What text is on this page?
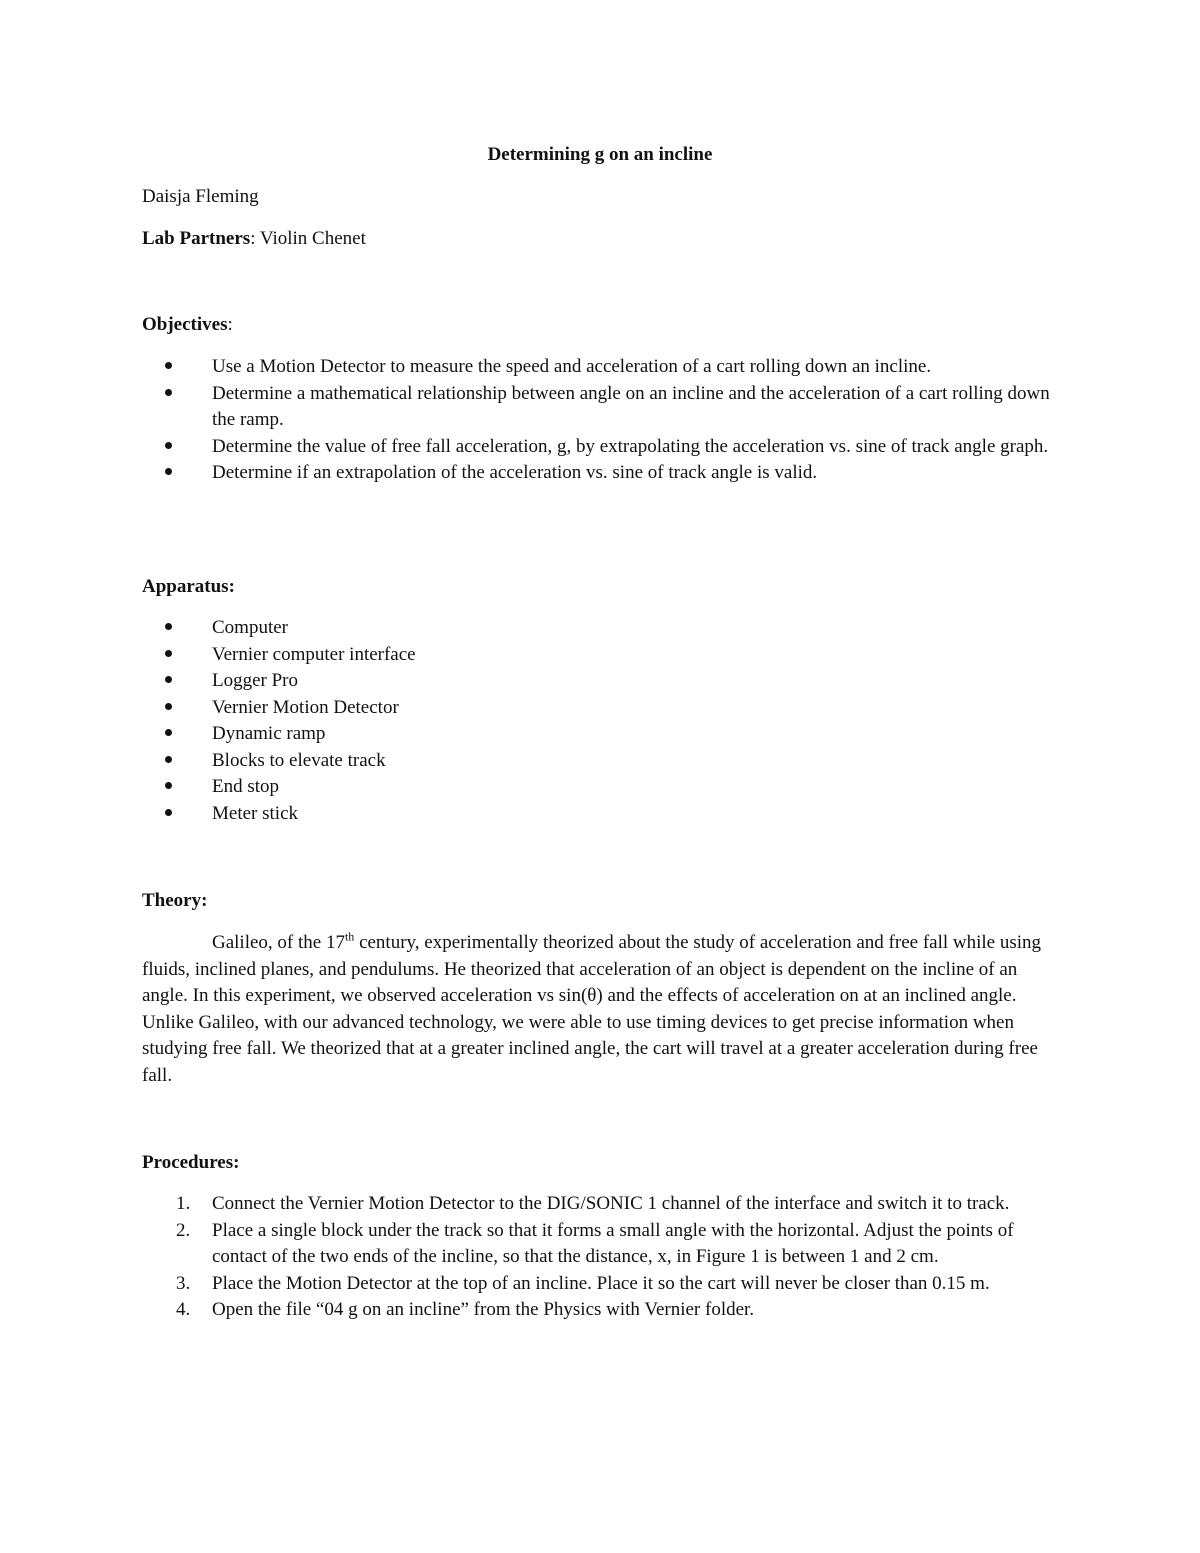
Determining g on an incline
Daisja Fleming
Lab Partners: Violin Chenet
Objectives:
Use a Motion Detector to measure the speed and acceleration of a cart rolling down an incline.
Determine a mathematical relationship between angle on an incline and the acceleration of a cart rolling down the ramp.
Determine the value of free fall acceleration, g, by extrapolating the acceleration vs. sine of track angle graph.
Determine if an extrapolation of the acceleration vs. sine of track angle is valid.
Apparatus:
Computer
Vernier computer interface
Logger Pro
Vernier Motion Detector
Dynamic ramp
Blocks to elevate track
End stop
Meter stick
Theory:

Galileo, of the 17th century, experimentally theorized about the study of acceleration and free fall while using fluids, inclined planes, and pendulums. He theorized that acceleration of an object is dependent on the incline of an angle. In this experiment, we observed acceleration vs sin(θ) and the effects of acceleration on at an inclined angle. Unlike Galileo, with our advanced technology, we were able to use timing devices to get precise information when studying free fall. We theorized that at a greater inclined angle, the cart will travel at a greater acceleration during free fall.

Procedures:
1.	Connect the Vernier Motion Detector to the DIG/SONIC 1 channel of the interface and switch it to track.
2.	Place a single block under the track so that it forms a small angle with the horizontal. Adjust the points of contact of the two ends of the incline, so that the distance, x, in Figure 1 is between 1 and 2 cm.
3.	Place the Motion Detector at the top of an incline. Place it so the cart will never be closer than 0.15 m.
4.	Open the file “04 g on an incline” from the Physics with Vernier folder.
